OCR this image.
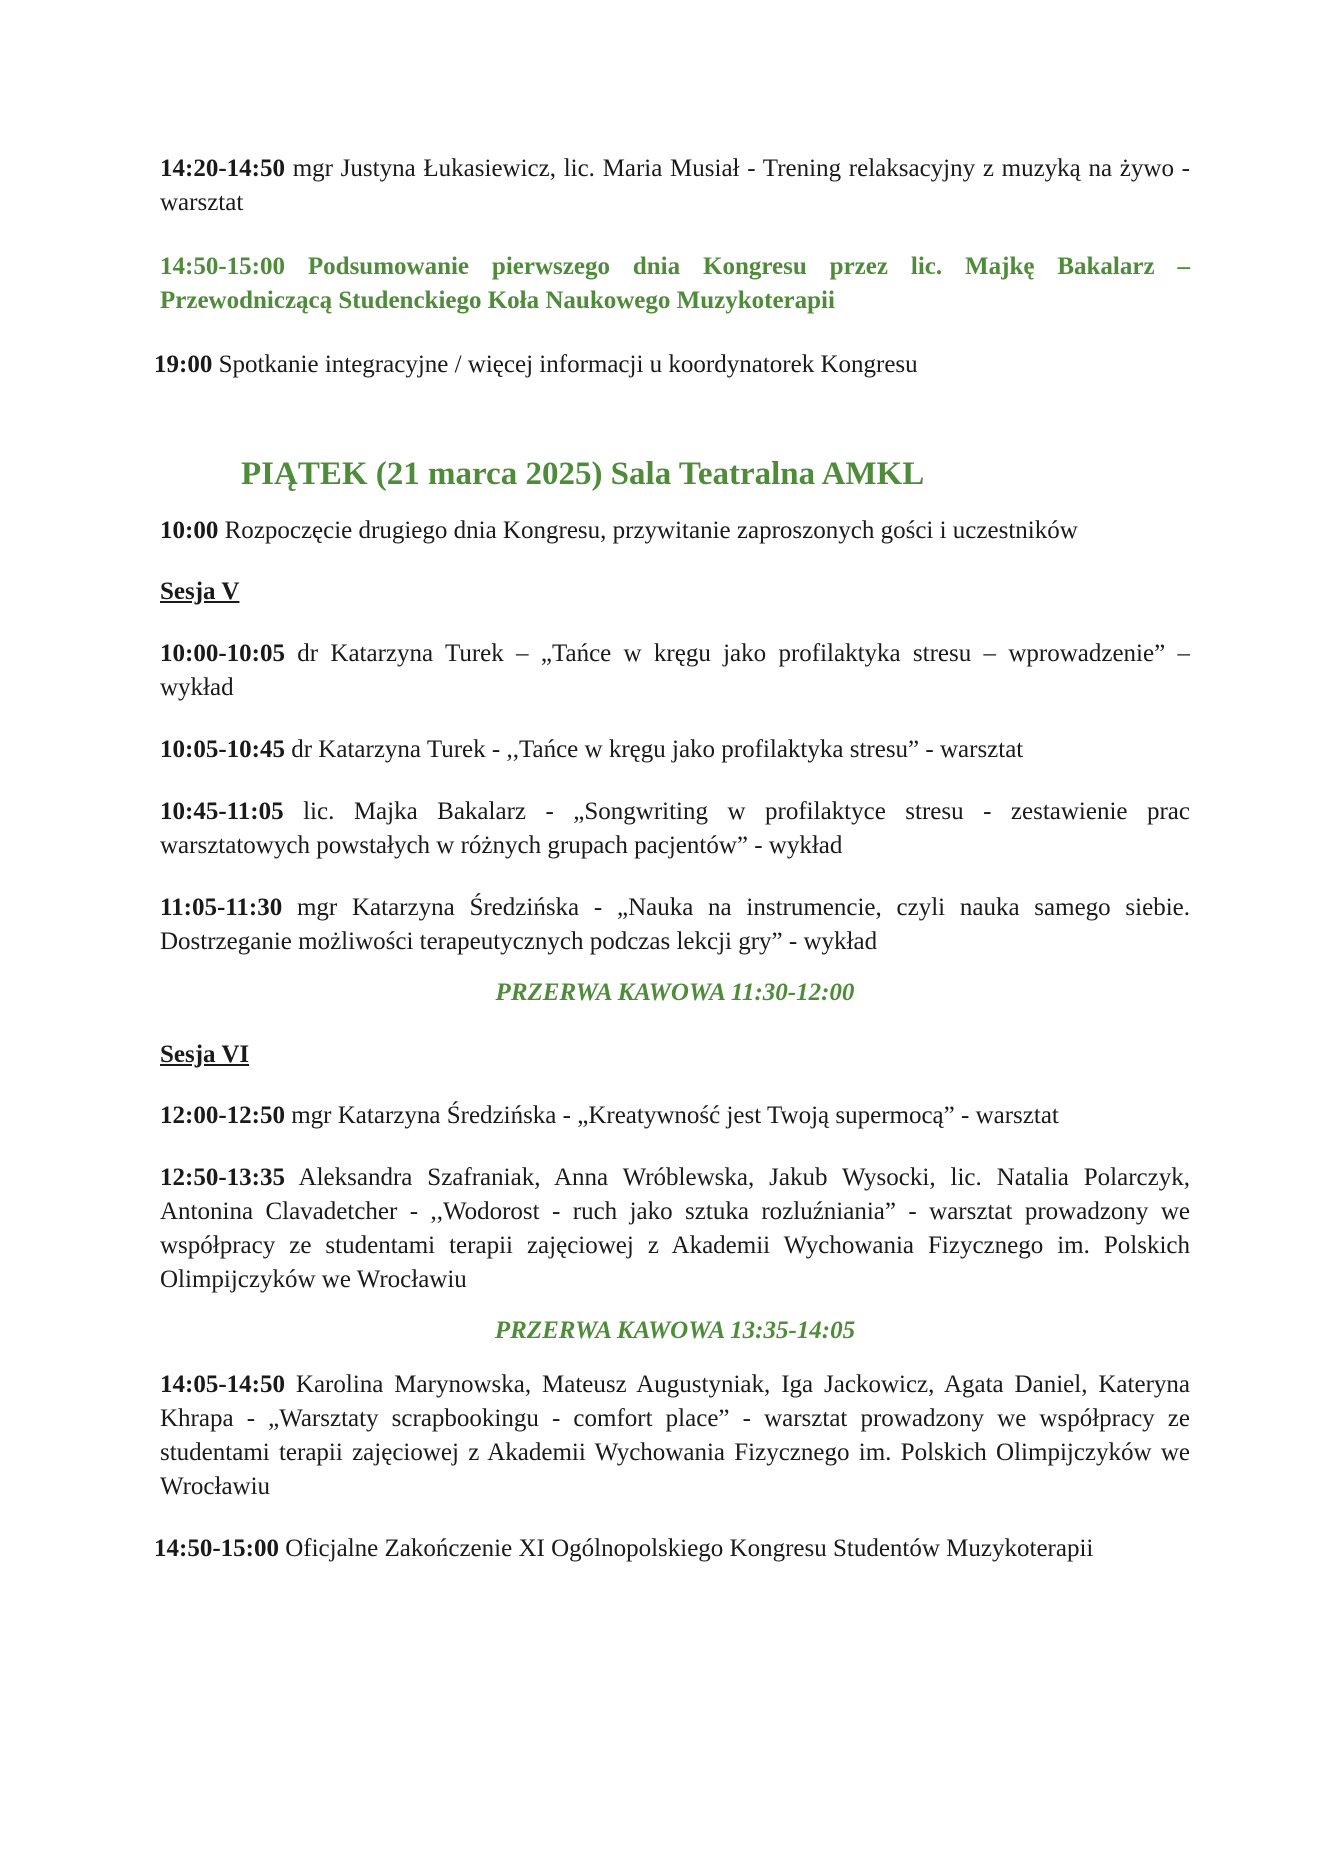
14:20-14:50 mgr Justyna Łukasiewicz, lic. Maria Musiał - Trening relaksacyjny z muzyką na żywo - warsztat

14:50-15:00 Podsumowanie pierwszego dnia Kongresu przez lic. Majkę Bakalarz – Przewodniczącą Studenckiego Koła Naukowego Muzykoterapii

19:00 Spotkanie integracyjne / więcej informacji u koordynatorek Kongresu

PIĄTEK (21 marca 2025) Sala Teatralna AMKL

10:00 Rozpoczęcie drugiego dnia Kongresu, przywitanie zaproszonych gości i uczestników

Sesja V

10:00-10:05 dr Katarzyna Turek – „Tańce w kręgu jako profilaktyka stresu – wprowadzenie” – wykład

10:05-10:45 dr Katarzyna Turek - ,,Tańce w kręgu jako profilaktyka stresu” - warsztat

10:45-11:05 lic. Majka Bakalarz - „Songwriting w profilaktyce stresu - zestawienie prac warsztatowych powstałych w różnych grupach pacjentów” - wykład

11:05-11:30 mgr Katarzyna Średzińska - „Nauka na instrumencie, czyli nauka samego siebie. Dostrzeganie możliwości terapeutycznych podczas lekcji gry” - wykład

PRZERWA KAWOWA 11:30-12:00

Sesja VI

12:00-12:50 mgr Katarzyna Średzińska - „Kreatywność jest Twoją supermocą” - warsztat

12:50-13:35 Aleksandra Szafraniak, Anna Wróblewska, Jakub Wysocki, lic. Natalia Polarczyk, Antonina Clavadetcher - ,,Wodorost - ruch jako sztuka rozluźniania” - warsztat prowadzony we współpracy ze studentami terapii zajęciowej z Akademii Wychowania Fizycznego im. Polskich Olimpijczyków we Wrocławiu

PRZERWA KAWOWA 13:35-14:05

14:05-14:50 Karolina Marynowska, Mateusz Augustyniak, Iga Jackowicz, Agata Daniel, Kateryna Khrapa - „Warsztaty scrapbookingu - comfort place” - warsztat prowadzony we współpracy ze studentami terapii zajęciowej z Akademii Wychowania Fizycznego im. Polskich Olimpijczyków we Wrocławiu

14:50-15:00 Oficjalne Zakończenie XI Ogólnopolskiego Kongresu Studentów Muzykoterapii
